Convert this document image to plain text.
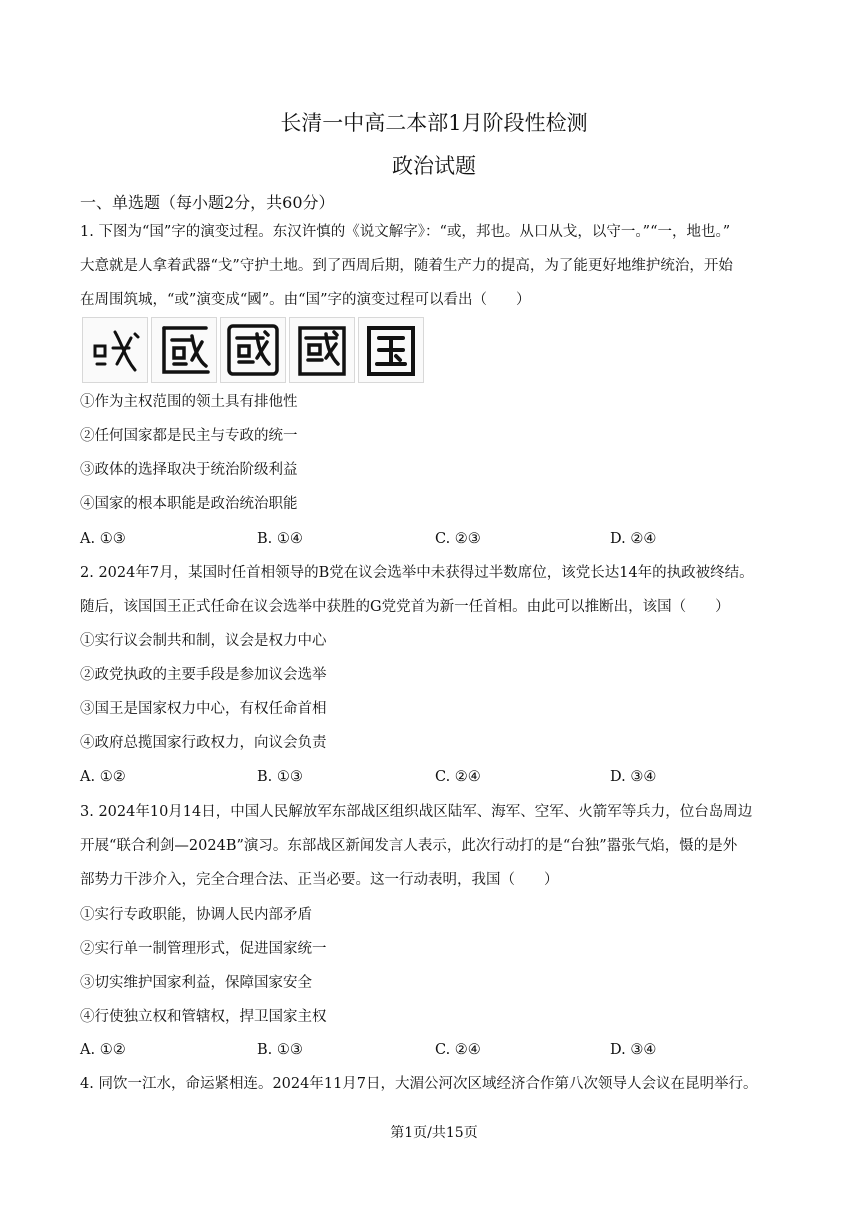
长清一中高二本部1月阶段性检测
政治试题
一、单选题（每小题2分，共60分）
1. 下图为“国”字的演变过程。东汉许慎的《说文解字》：“或，邦也。从口从戈，以守一。”“一，地也。”
大意就是人拿着武器“戈”守护土地。到了西周后期，随着生产力的提高，为了能更好地维护统治，开始
在周围筑城，“或”演变成“國”。由“国”字的演变过程可以看出（　　）
①作为主权范围的领土具有排他性
②任何国家都是民主与专政的统一
③政体的选择取决于统治阶级利益
④国家的根本职能是政治统治职能
A. ①③	B. ①④	C. ②③	D. ②④
2. 2024年7月，某国时任首相领导的B党在议会选举中未获得过半数席位，该党长达14年的执政被终结。
随后，该国国王正式任命在议会选举中获胜的G党党首为新一任首相。由此可以推断出，该国（　　）
①实行议会制共和制，议会是权力中心
②政党执政的主要手段是参加议会选举
③国王是国家权力中心，有权任命首相
④政府总揽国家行政权力，向议会负责
A. ①②	B. ①③	C. ②④	D. ③④
3. 2024年10月14日，中国人民解放军东部战区组织战区陆军、海军、空军、火箭军等兵力，位台岛周边
开展“联合利剑—2024B”演习。东部战区新闻发言人表示，此次行动打的是“台独”嚣张气焰，慑的是外
部势力干涉介入，完全合理合法、正当必要。这一行动表明，我国（　　）
①实行专政职能，协调人民内部矛盾
②实行单一制管理形式，促进国家统一
③切实维护国家利益，保障国家安全
④行使独立权和管辖权，捍卫国家主权
A. ①②	B. ①③	C. ②④	D. ③④
4. 同饮一江水，命运紧相连。2024年11月7日，大湄公河次区域经济合作第八次领导人会议在昆明举行。
第1页/共15页
